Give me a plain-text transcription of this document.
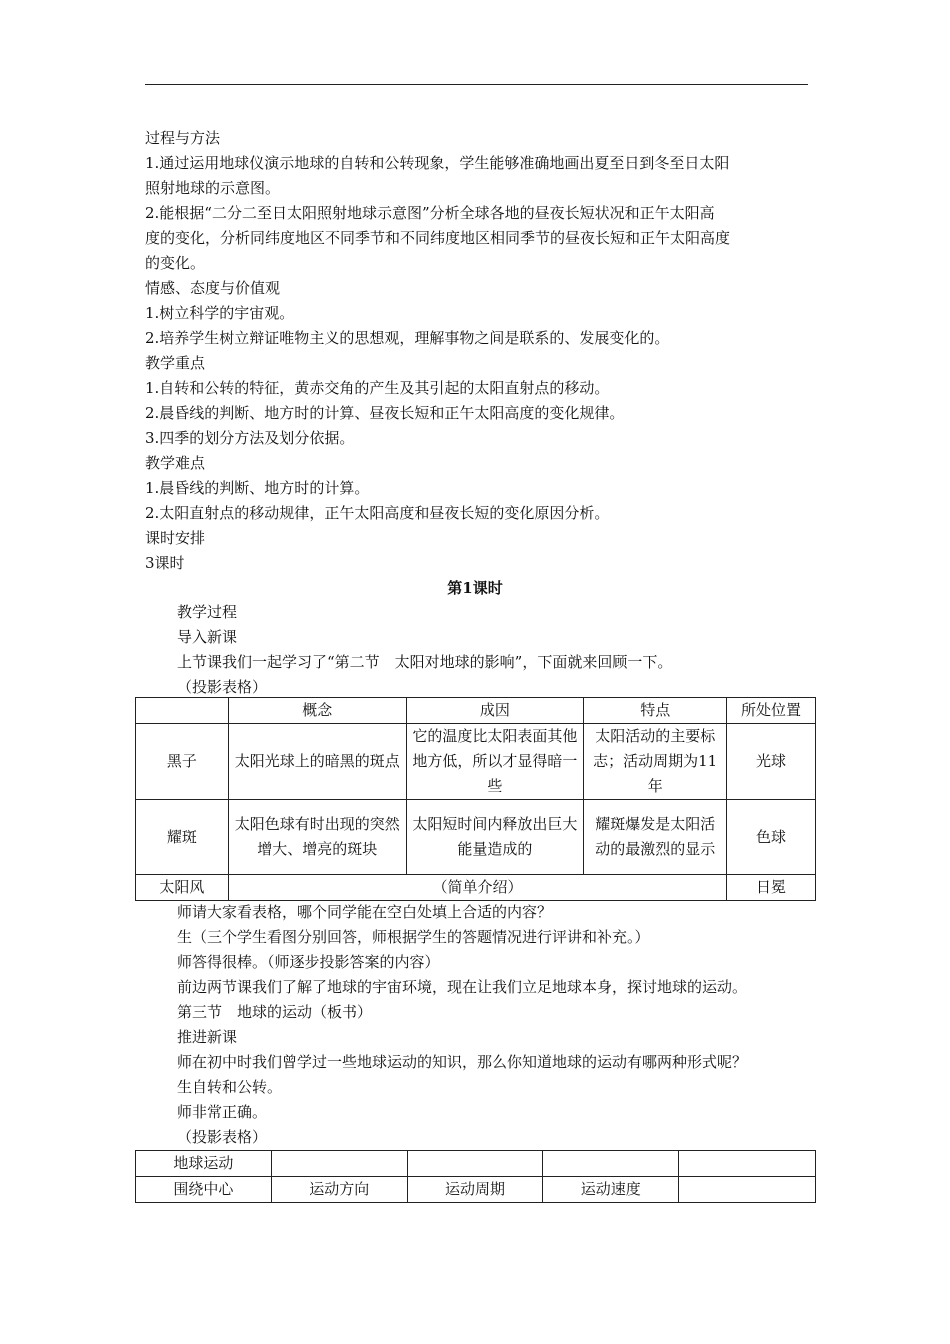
过程与方法
1.通过运用地球仪演示地球的自转和公转现象，学生能够准确地画出夏至日到冬至日太阳
照射地球的示意图。
2.能根据“二分二至日太阳照射地球示意图”分析全球各地的昼夜长短状况和正午太阳高
度的变化，分析同纬度地区不同季节和不同纬度地区相同季节的昼夜长短和正午太阳高度
的变化。
情感、态度与价值观
1.树立科学的宇宙观。
2.培养学生树立辩证唯物主义的思想观，理解事物之间是联系的、发展变化的。
教学重点
1.自转和公转的特征，黄赤交角的产生及其引起的太阳直射点的移动。
2.晨昏线的判断、地方时的计算、昼夜长短和正午太阳高度的变化规律。
3.四季的划分方法及划分依据。
教学难点
1.晨昏线的判断、地方时的计算。
2.太阳直射点的移动规律，正午太阳高度和昼夜长短的变化原因分析。
课时安排
3课时
第1课时
教学过程
导入新课
上节课我们一起学习了“第二节　太阳对地球的影响”，下面就来回顾一下。
（投影表格）
	概念	成因	特点	所处位置
黑子	太阳光球上的暗黑的斑点	它的温度比太阳表面其他地方低，所以才显得暗一些	太阳活动的主要标志；活动周期为11年	光球
耀斑	太阳色球有时出现的突然增大、增亮的斑块	太阳短时间内释放出巨大能量造成的	耀斑爆发是太阳活动的最激烈的显示	色球
太阳风	（简单介绍）			日冕
师请大家看表格，哪个同学能在空白处填上合适的内容？
生（三个学生看图分别回答，师根据学生的答题情况进行评讲和补充。）
师答得很棒。（师逐步投影答案的内容）
前边两节课我们了解了地球的宇宙环境，现在让我们立足地球本身，探讨地球的运动。
第三节　地球的运动（板书）
推进新课
师在初中时我们曾学过一些地球运动的知识，那么你知道地球的运动有哪两种形式呢？
生自转和公转。
师非常正确。
（投影表格）
地球运动				
围绕中心	运动方向	运动周期	运动速度	
